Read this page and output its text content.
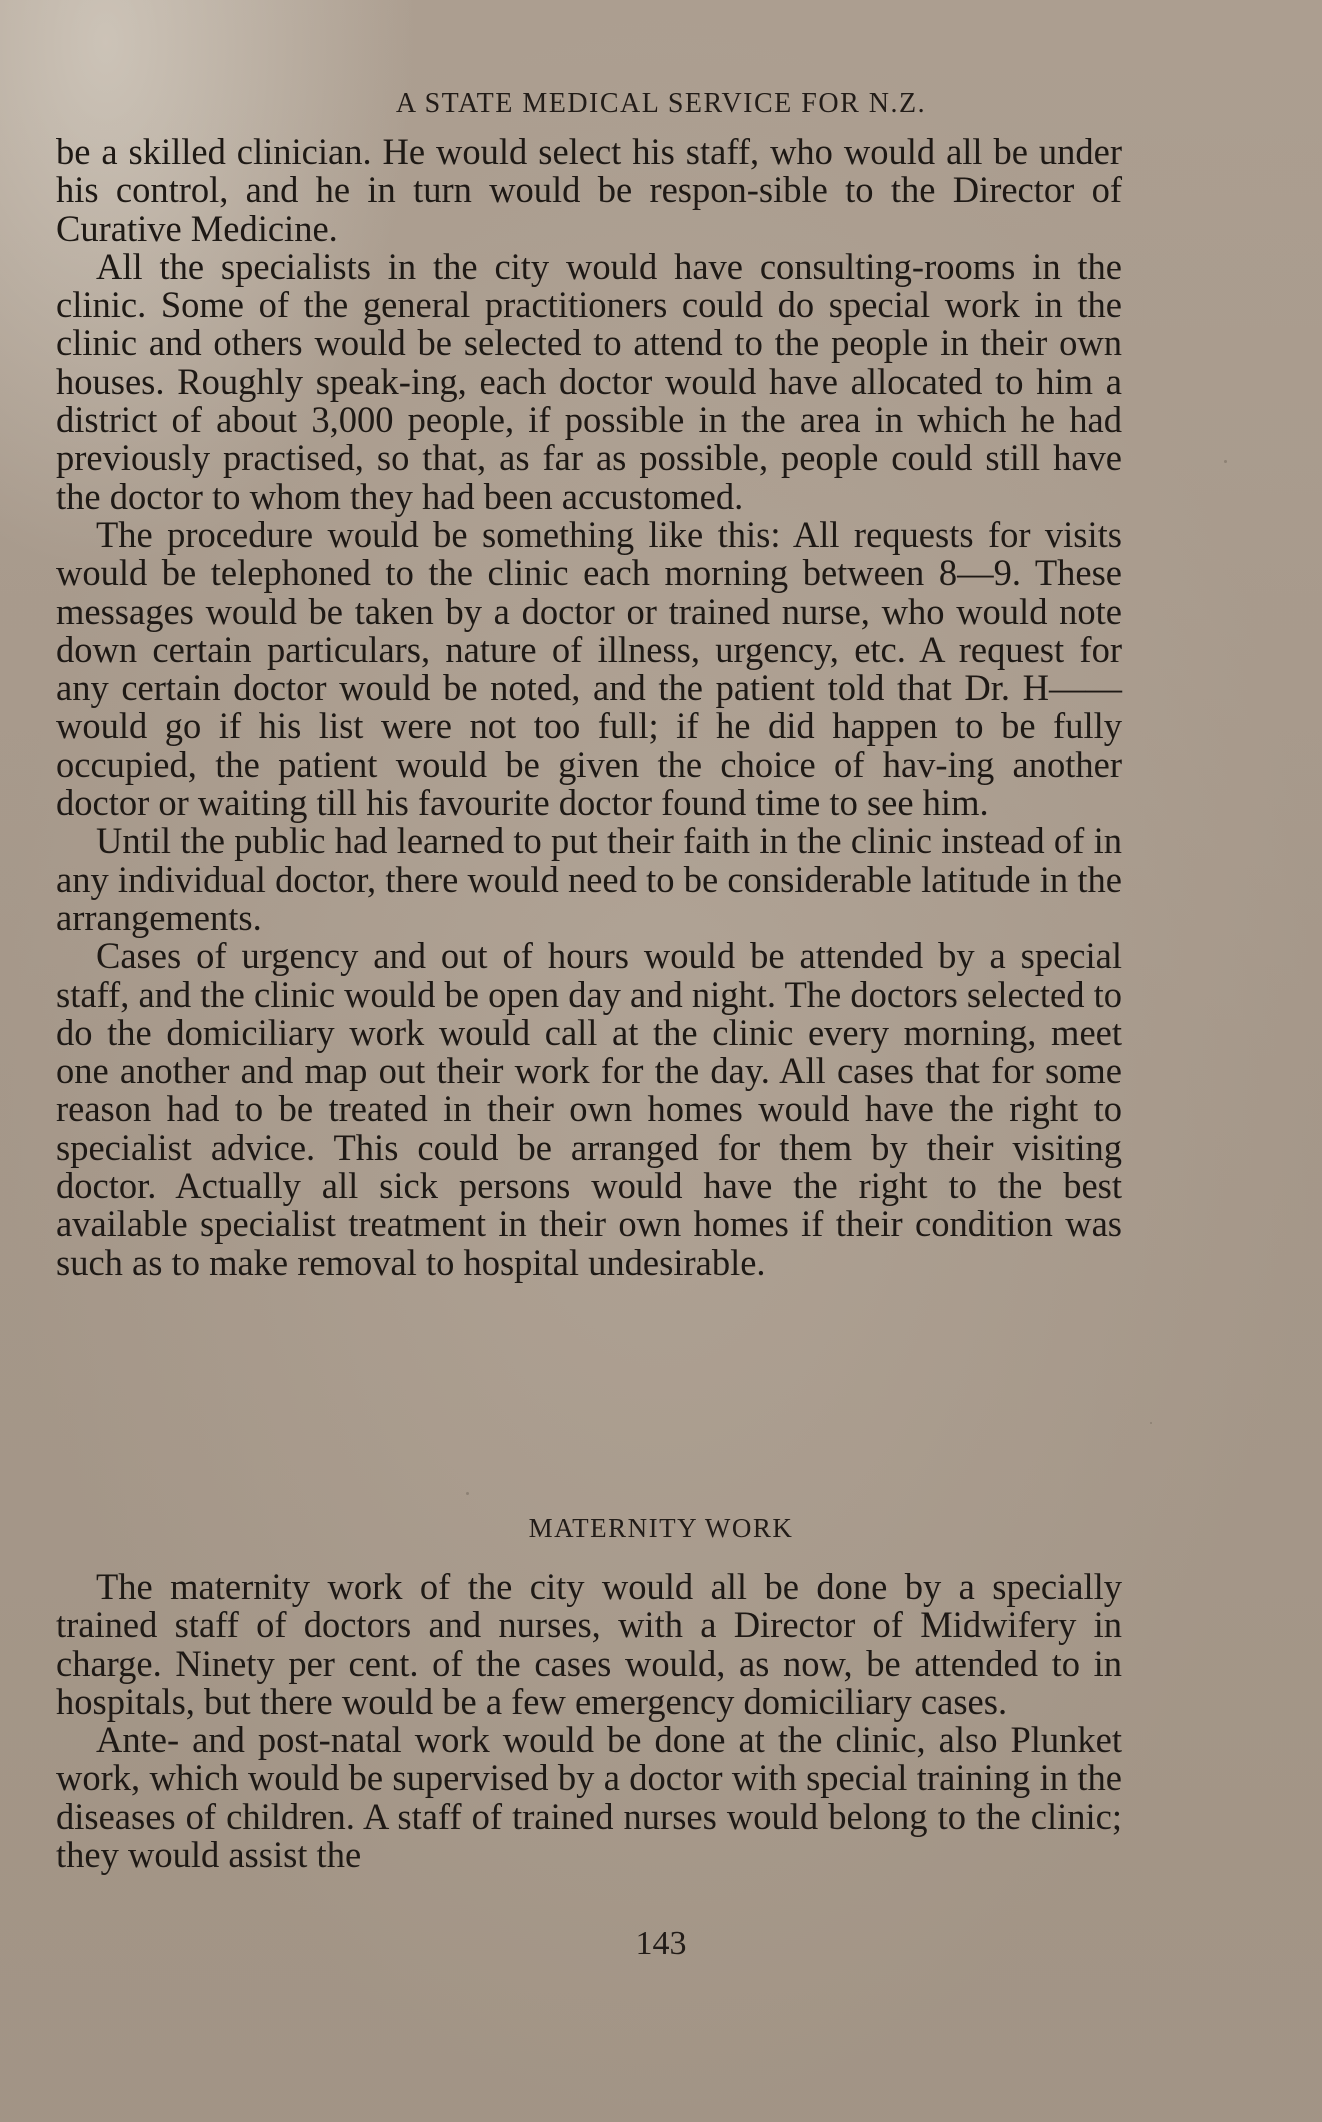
A STATE MEDICAL SERVICE FOR N.Z.

be a skilled clinician. He would select his staff, who would all be under his control, and he in turn would be respon-sible to the Director of Curative Medicine.

All the specialists in the city would have consulting-rooms in the clinic. Some of the general practitioners could do special work in the clinic and others would be selected to attend to the people in their own houses. Roughly speak-ing, each doctor would have allocated to him a district of about 3,000 people, if possible in the area in which he had previously practised, so that, as far as possible, people could still have the doctor to whom they had been accustomed.

The procedure would be something like this: All requests for visits would be telephoned to the clinic each morning between 8—9. These messages would be taken by a doctor or trained nurse, who would note down certain particulars, nature of illness, urgency, etc. A request for any certain doctor would be noted, and the patient told that Dr. H—— would go if his list were not too full; if he did happen to be fully occupied, the patient would be given the choice of hav-ing another doctor or waiting till his favourite doctor found time to see him.

Until the public had learned to put their faith in the clinic instead of in any individual doctor, there would need to be considerable latitude in the arrangements.

Cases of urgency and out of hours would be attended by a special staff, and the clinic would be open day and night. The doctors selected to do the domiciliary work would call at the clinic every morning, meet one another and map out their work for the day. All cases that for some reason had to be treated in their own homes would have the right to specialist advice. This could be arranged for them by their visiting doctor. Actually all sick persons would have the right to the best available specialist treatment in their own homes if their condition was such as to make removal to hospital undesirable.

MATERNITY WORK

The maternity work of the city would all be done by a specially trained staff of doctors and nurses, with a Director of Midwifery in charge. Ninety per cent. of the cases would, as now, be attended to in hospitals, but there would be a few emergency domiciliary cases.

Ante- and post-natal work would be done at the clinic, also Plunket work, which would be supervised by a doctor with special training in the diseases of children. A staff of trained nurses would belong to the clinic; they would assist the

143
